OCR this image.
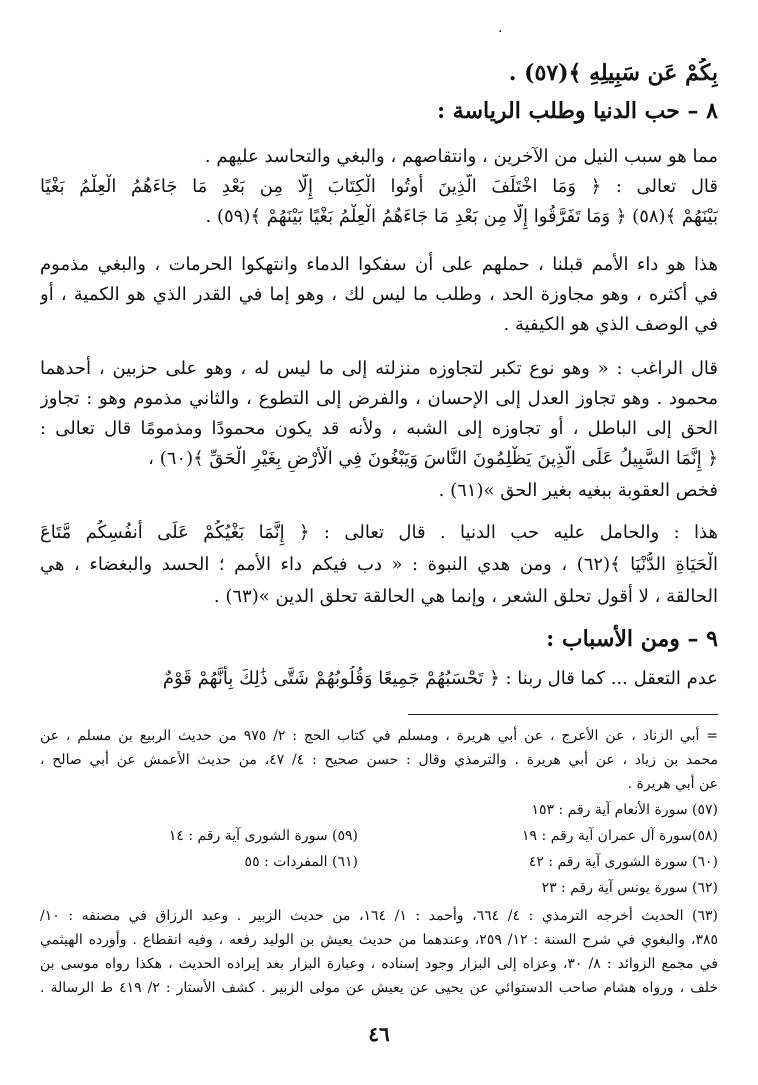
·
بِكُمْ عَن سَبِيلِهِ ﴾(٥٧) .
٨ – حب الدنيا وطلب الرياسة :
مما هو سبب النيل من الآخرين ، وانتقاصهم ، والبغي والتحاسد عليهم .
قال تعالى : ﴿ وَمَا اخْتَلَفَ الَّذِينَ أُوتُوا الْكِتَابَ إِلَّا مِن بَعْدِ مَا جَاءَهُمُ الْعِلْمُ بَغْيًا
بَيْنَهُمْ ﴾(٥٨) ﴿ وَمَا تَفَرَّقُوا إِلَّا مِن بَعْدِ مَا جَاءَهُمُ الْعِلْمُ بَغْيًا بَيْنَهُمْ ﴾(٥٩) .
هذا هو داء الأمم قبلنا ، حملهم على أن سفكوا الدماء وانتهكوا الحرمات ، والبغي مذموم
في أكثره ، وهو مجاوزة الحد ، وطلب ما ليس لك ، وهو إما في القدر الذي هو الكمية ، أو
في الوصف الذي هو الكيفية .
قال الراغب : « وهو نوع تكبر لتجاوزه منزلته إلى ما ليس له ، وهو على حزبين ، أحدهما
محمود . وهو تجاوز العدل إلى الإحسان ، والفرض إلى التطوع ، والثاني مذموم وهو : تجاوز
الحق إلى الباطل ، أو تجاوزه إلى الشبه ، ولأنه قد يكون محمودًا ومذمومًا قال تعالى :
﴿ إِنَّمَا السَّبِيلُ عَلَى الَّذِينَ يَظْلِمُونَ النَّاسَ وَيَبْغُونَ فِي الْأَرْضِ بِغَيْرِ الْحَقِّ ﴾(٦٠) ،
فخص العقوبة ببغيه بغير الحق »(٦١) .
هذا : والحامل عليه حب الدنيا . قال تعالى : ﴿ إِنَّمَا بَغْيُكُمْ عَلَى أَنفُسِكُم مَّتَاعَ
الْحَيَاةِ الدُّنْيَا ﴾(٦٢) ، ومن هدي النبوة : « دب فيكم داء الأمم ؛ الحسد والبغضاء ، هي
الحالقة ، لا أقول تحلق الشعر ، وإنما هي الحالقة تحلق الدين »(٦٣) .
٩ – ومن الأسباب :
عدم التعقل ... كما قال ربنا : ﴿ تَحْسَبُهُمْ جَمِيعًا وَقُلُوبُهُمْ شَتَّى ذَٰلِكَ بِأَنَّهُمْ قَوْمٌ
= أبي الزناد ، عن الأعرج ، عن أبي هريرة ، ومسلم في كتاب الحج : ٢/ ٩٧٥ من حديث الربيع بن مسلم ، عن
محمد بن زياد ، عن أبي هريرة . والترمذي وقال : حسن صحيح : ٤/ ٤٧، من حديث الأعمش عن أبي صالح ،
عن أبي هريرة .
(٥٧) سورة الأنعام آية رقم : ١٥٣
(٥٨)سورة آل عمران آية رقم : ١٩
(٥٩) سورة الشورى آية رقم : ١٤
(٦٠) سورة الشورى آية رقم : ٤٢
(٦١) المفردات : ٥٥
(٦٢) سورة يونس آية رقم : ٢٣
(٦٣) الحديث أخرجه الترمذي : ٤/ ٦٦٤، وأحمد : ١/ ١٦٤، من حديث الزبير . وعبد الرزاق في مصنفه : ١٠/
٣٨٥، والبغوي في شرح السنة : ١٢/ ٢٥٩، وعندهما من حديث يعيش بن الوليد رفعه ، وفيه انقطاع . وأورده الهيثمي
في مجمع الزوائد : ٨/ ٣٠، وعزاه إلى البزار وجود إسناده ، وعبارة البزار بعد إيراده الحديث ، هكذا رواه موسى بن
خلف ، ورواه هشام صاحب الدستوائي عن يحيى عن يعيش عن مولى الزبير . كشف الأستار : ٢/ ٤١٩ ط الرسالة .
٤٦
